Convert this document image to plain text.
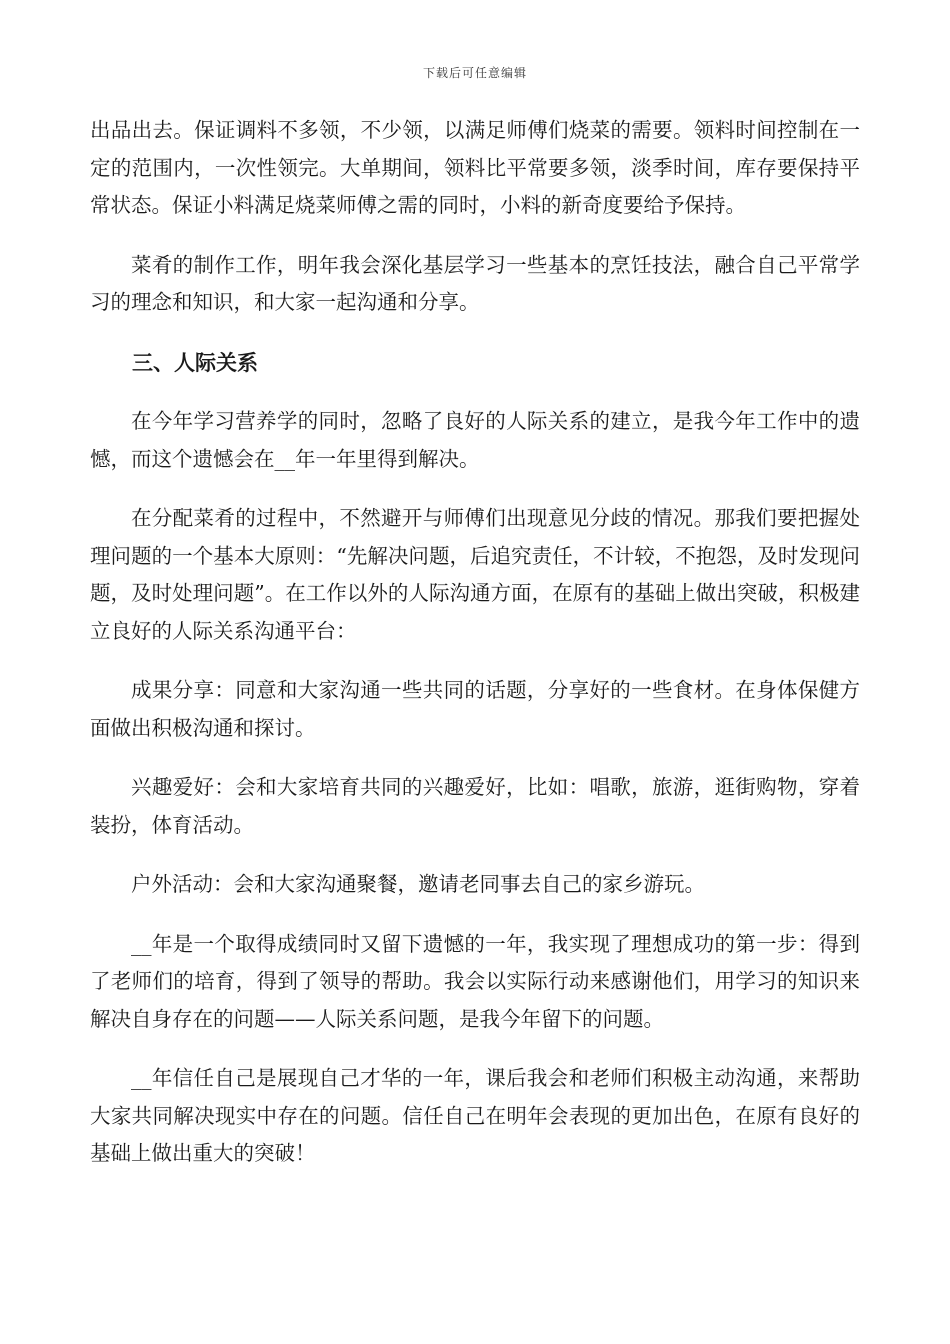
下载后可任意编辑

出品出去。保证调料不多领，不少领，以满足师傅们烧菜的需要。领料时间控制在一定的范围内，一次性领完。大单期间，领料比平常要多领，淡季时间，库存要保持平常状态。保证小料满足烧菜师傅之需的同时，小料的新奇度要给予保持。

菜肴的制作工作，明年我会深化基层学习一些基本的烹饪技法，融合自己平常学习的理念和知识，和大家一起沟通和分享。

三、人际关系

在今年学习营养学的同时，忽略了良好的人际关系的建立，是我今年工作中的遗憾，而这个遗憾会在__年一年里得到解决。

在分配菜肴的过程中，不然避开与师傅们出现意见分歧的情况。那我们要把握处理问题的一个基本大原则：“先解决问题，后追究责任，不计较，不抱怨，及时发现问题，及时处理问题”。在工作以外的人际沟通方面，在原有的基础上做出突破，积极建立良好的人际关系沟通平台：

成果分享：同意和大家沟通一些共同的话题，分享好的一些食材。在身体保健方面做出积极沟通和探讨。

兴趣爱好：会和大家培育共同的兴趣爱好，比如：唱歌，旅游，逛街购物，穿着装扮，体育活动。

户外活动：会和大家沟通聚餐，邀请老同事去自己的家乡游玩。

__年是一个取得成绩同时又留下遗憾的一年，我实现了理想成功的第一步：得到了老师们的培育，得到了领导的帮助。我会以实际行动来感谢他们，用学习的知识来解决自身存在的问题——人际关系问题，是我今年留下的问题。

__年信任自己是展现自己才华的一年，课后我会和老师们积极主动沟通，来帮助大家共同解决现实中存在的问题。信任自己在明年会表现的更加出色，在原有良好的基础上做出重大的突破！
